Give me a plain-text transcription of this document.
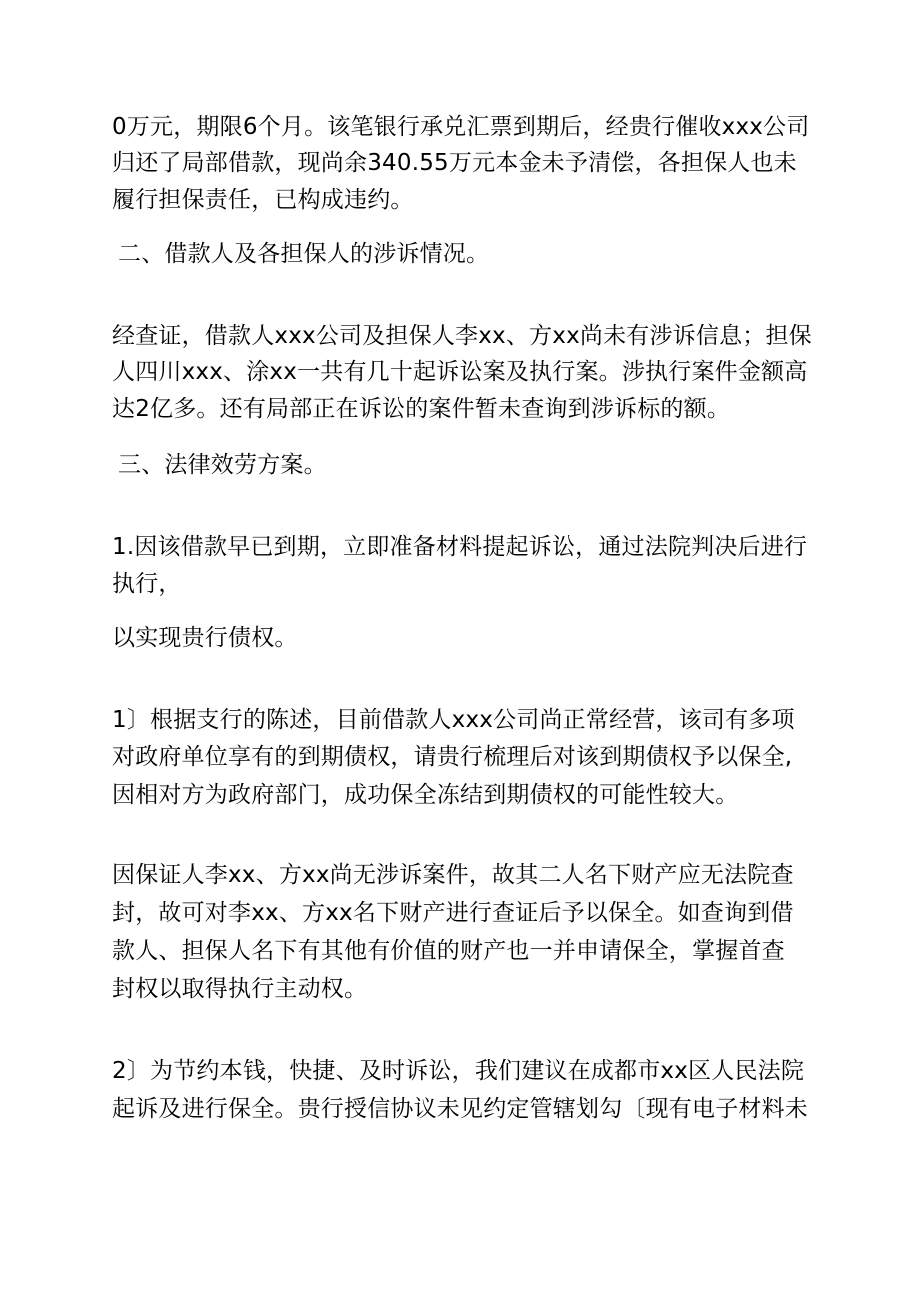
0万元，期限6个月。该笔银行承兑汇票到期后，经贵行催收xxx公司
归还了局部借款，现尚余340.55万元本金未予清偿，各担保人也未
履行担保责任，已构成违约。
二、借款人及各担保人的涉诉情况。
经查证，借款人xxx公司及担保人李xx、方xx尚未有涉诉信息；担保
人四川xxx、涂xx一共有几十起诉讼案及执行案。涉执行案件金额高
达2亿多。还有局部正在诉讼的案件暂未查询到涉诉标的额。
三、法律效劳方案。
1.因该借款早已到期，立即准备材料提起诉讼，通过法院判决后进行
执行，
以实现贵行债权。
1〕根据支行的陈述，目前借款人xxx公司尚正常经营，该司有多项
对政府单位享有的到期债权，请贵行梳理后对该到期债权予以保全,
因相对方为政府部门，成功保全冻结到期债权的可能性较大。
因保证人李xx、方xx尚无涉诉案件，故其二人名下财产应无法院查
封，故可对李xx、方xx名下财产进行查证后予以保全。如查询到借
款人、担保人名下有其他有价值的财产也一并申请保全，掌握首查
封权以取得执行主动权。
2〕为节约本钱，快捷、及时诉讼，我们建议在成都市xx区人民法院
起诉及进行保全。贵行授信协议未见约定管辖划勾〔现有电子材料未
